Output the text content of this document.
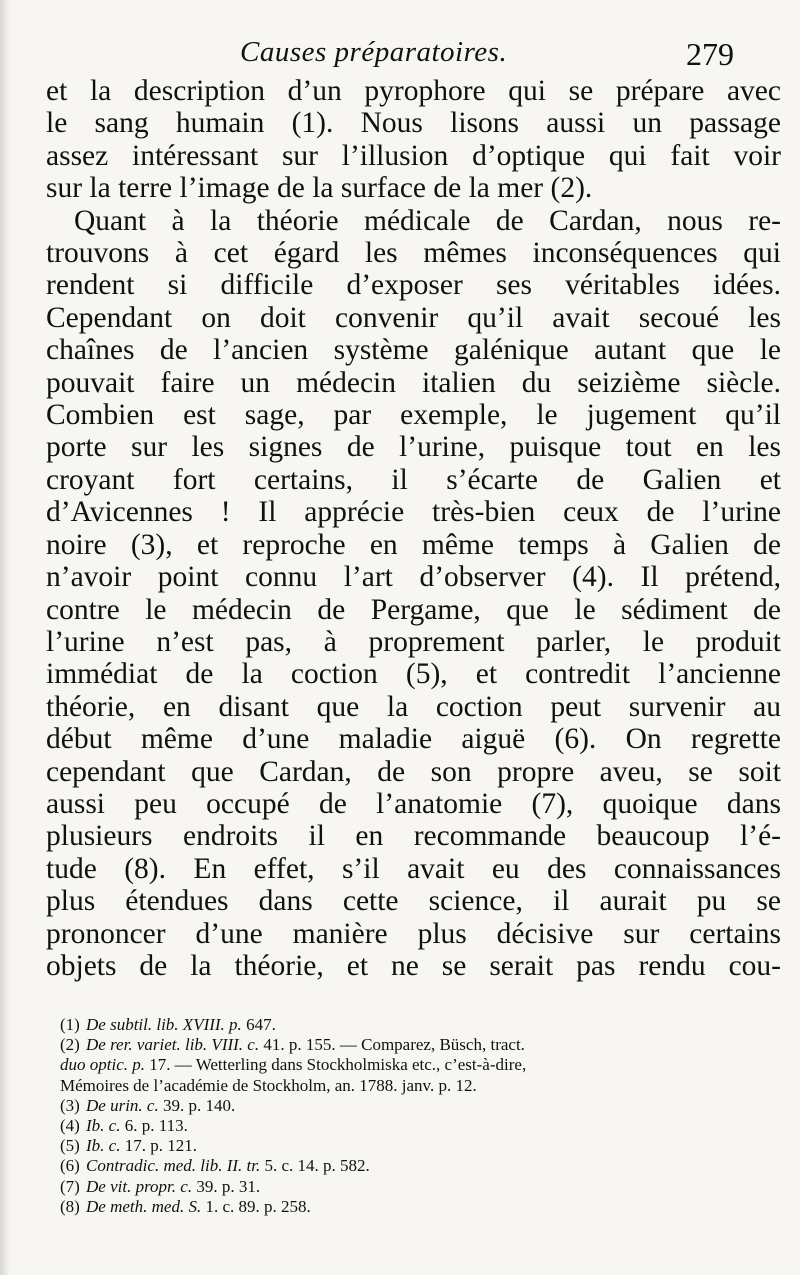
Causes préparatoires.	279
et la description d’un pyrophore qui se prépare avec
le sang humain (1). Nous lisons aussi un passage
assez intéressant sur l’illusion d’optique qui fait voir
sur la terre l’image de la surface de la mer (2).
Quant à la théorie médicale de Cardan, nous re-
trouvons à cet égard les mêmes inconséquences qui
rendent si difficile d’exposer ses véritables idées.
Cependant on doit convenir qu’il avait secoué les
chaînes de l’ancien système galénique autant que le
pouvait faire un médecin italien du seizième siècle.
Combien est sage, par exemple, le jugement qu’il
porte sur les signes de l’urine, puisque tout en les
croyant fort certains, il s’écarte de Galien et
d’Avicennes ! Il apprécie très-bien ceux de l’urine
noire (3), et reproche en même temps à Galien de
n’avoir point connu l’art d’observer (4). Il prétend,
contre le médecin de Pergame, que le sédiment de
l’urine n’est pas, à proprement parler, le produit
immédiat de la coction (5), et contredit l’ancienne
théorie, en disant que la coction peut survenir au
début même d’une maladie aiguë (6). On regrette
cependant que Cardan, de son propre aveu, se soit
aussi peu occupé de l’anatomie (7), quoique dans
plusieurs endroits il en recommande beaucoup l’é-
tude (8). En effet, s’il avait eu des connaissances
plus étendues dans cette science, il aurait pu se
prononcer d’une manière plus décisive sur certains
objets de la théorie, et ne se serait pas rendu cou-
(1) De subtil. lib. XVIII. p. 647.
(2) De rer. variet. lib. VIII. c. 41. p. 155. — Comparez, Büsch, tract.
duo optic. p. 17. — Wetterling dans Stockholmiska etc., c’est-à-dire,
Mémoires de l’académie de Stockholm, an. 1788. janv. p. 12.
(3) De urin. c. 39. p. 140.
(4) Ib. c. 6. p. 113.
(5) Ib. c. 17. p. 121.
(6) Contradic. med. lib. II. tr. 5. c. 14. p. 582.
(7) De vit. propr. c. 39. p. 31.
(8) De meth. med. S. 1. c. 89. p. 258.
